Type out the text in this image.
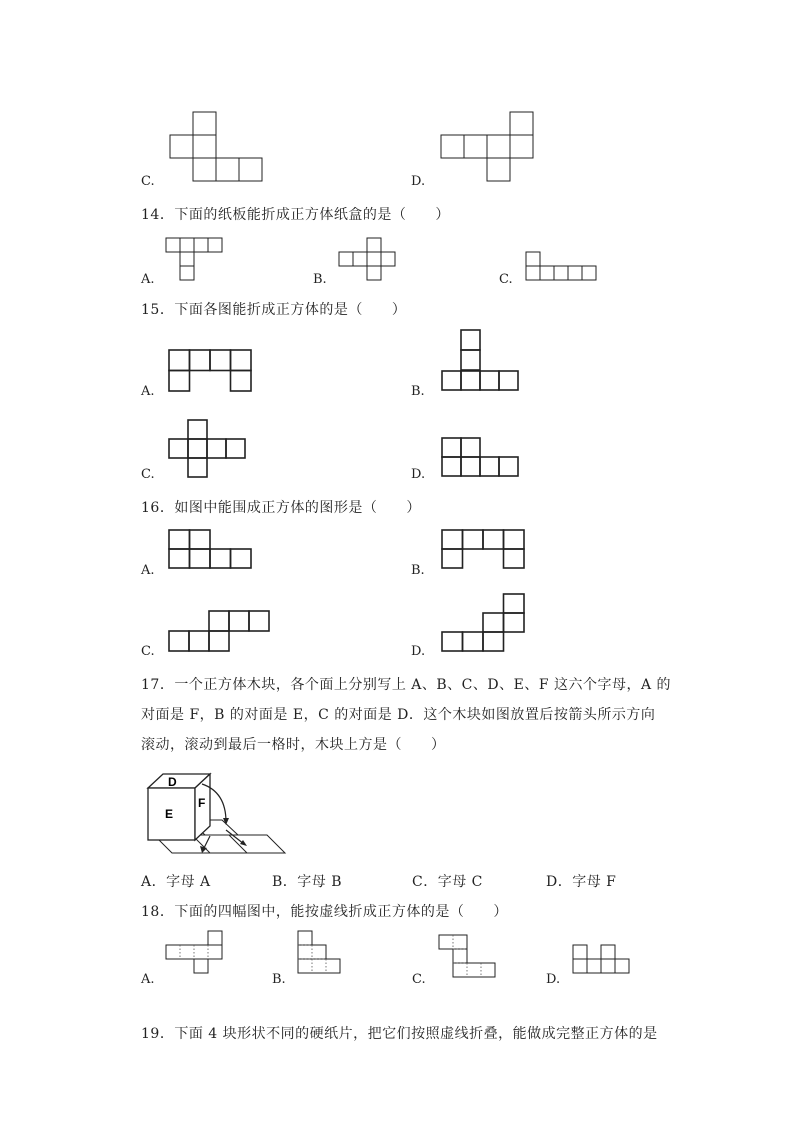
C.	D.
14．下面的纸板能折成正方体纸盒的是（　　）
A.	B.	C.
15．下面各图能折成正方体的是（　　）
A.	B.
C.	D.
16．如图中能围成正方体的图形是（　　）
A.	B.
C.	D.
17．一个正方体木块，各个面上分别写上 A、B、C、D、E、F 这六个字母，A 的
对面是 F，B 的对面是 E，C 的对面是 D．这个木块如图放置后按箭头所示方向
滚动，滚动到最后一格时，木块上方是（　　）
D
E
F
A．字母 A	B．字母 B	C．字母 C	D．字母 F
18．下面的四幅图中，能按虚线折成正方体的是（　　）
A.	B.	C.	D.
19．下面 4 块形状不同的硬纸片，把它们按照虚线折叠，能做成完整正方体的是
